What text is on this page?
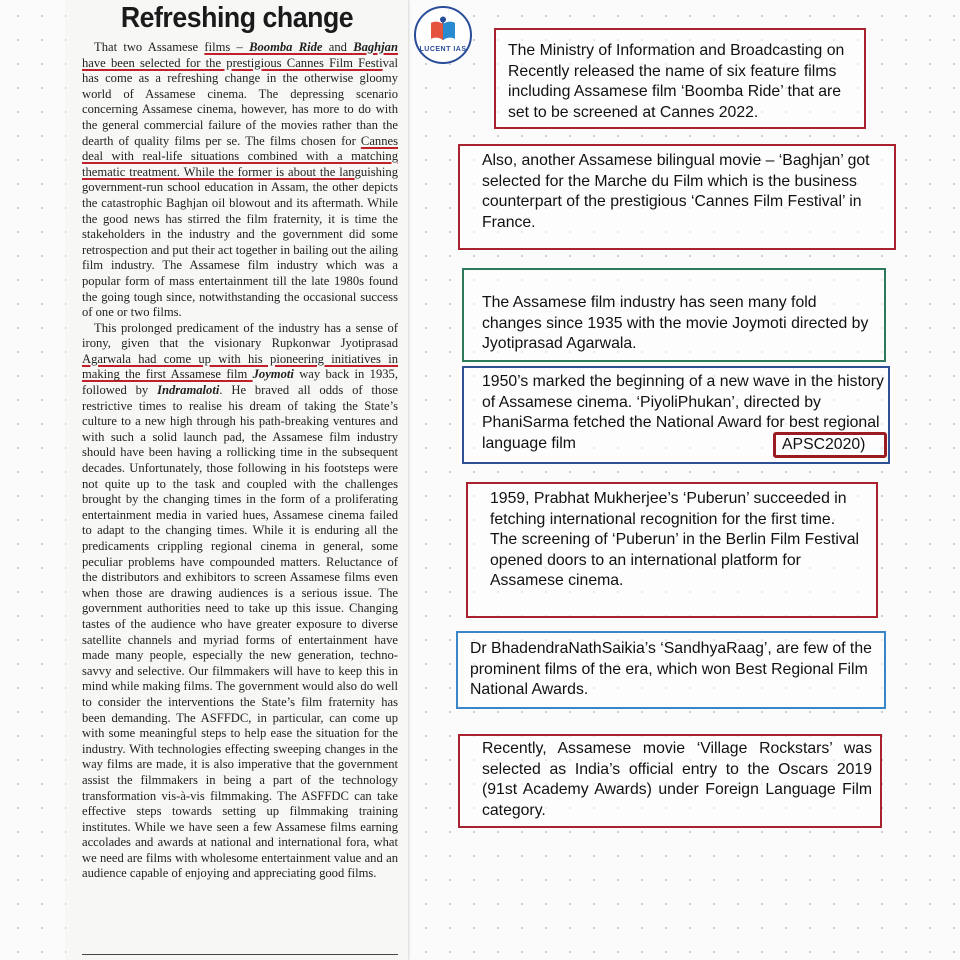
Refreshing change

That two Assamese films – Boomba Ride and Baghjan have been selected for the prestigious Cannes Film Festival has come as a refreshing change in the otherwise gloomy world of Assamese cinema. The depressing scenario concerning Assamese cinema, however, has more to do with the general commercial failure of the movies rather than the dearth of quality films per se. The films chosen for Cannes deal with real-life situations combined with a matching thematic treatment. While the former is about the languishing government-run school education in Assam, the other depicts the catastrophic Baghjan oil blowout and its aftermath. While the good news has stirred the film fraternity, it is time the stakeholders in the industry and the government did some retrospection and put their act together in bailing out the ailing film industry. The Assamese film industry which was a popular form of mass entertainment till the late 1980s found the going tough since, notwithstanding the occasional success of one or two films.

This prolonged predicament of the industry has a sense of irony, given that the visionary Rupkonwar Jyotiprasad Agarwala had come up with his pioneering initiatives in making the first Assamese film Joymoti way back in 1935, followed by Indramaloti. He braved all odds of those restrictive times to realise his dream of taking the State’s culture to a new high through his path-breaking ventures and with such a solid launch pad, the Assamese film industry should have been having a rollicking time in the subsequent decades. Unfortunately, those following in his footsteps were not quite up to the task and coupled with the challenges brought by the changing times in the form of a proliferating entertainment media in varied hues, Assamese cinema failed to adapt to the changing times. While it is enduring all the predicaments crippling regional cinema in general, some peculiar problems have compounded matters. Reluctance of the distributors and exhibitors to screen Assamese films even when those are drawing audiences is a serious issue. The government authorities need to take up this issue. Changing tastes of the audience who have greater exposure to diverse satellite channels and myriad forms of entertainment have made many people, especially the new generation, techno-savvy and selective. Our filmmakers will have to keep this in mind while making films. The government would also do well to consider the interventions the State’s film fraternity has been demanding. The ASFFDC, in particular, can come up with some meaningful steps to help ease the situation for the industry. With technologies effecting sweeping changes in the way films are made, it is also imperative that the government assist the filmmakers in being a part of the technology transformation vis-à-vis filmmaking. The ASFFDC can take effective steps towards setting up filmmaking training institutes. While we have seen a few Assamese films earning accolades and awards at national and international fora, what we need are films with wholesome entertainment value and an audience capable of enjoying and appreciating good films.

LUCENT IAS	The Ministry of Information and Broadcasting on Recently released the name of six feature films including Assamese film ‘Boomba Ride’ that are set to be screened at Cannes 2022.
Also, another Assamese bilingual movie – ‘Baghjan’ got selected for the Marche du Film which is the business counterpart of the prestigious ‘Cannes Film Festival’ in France.
The Assamese film industry has seen many fold changes since 1935 with the movie Joymoti directed by Jyotiprasad Agarwala.
1950’s marked the beginning of a new wave in the history of Assamese cinema. ‘PiyoliPhukan’, directed by PhaniSarma fetched the National Award for best regional language film	APSC2020)
1959, Prabhat Mukherjee’s ‘Puberun’ succeeded in fetching international recognition for the first time. The screening of ‘Puberun’ in the Berlin Film Festival opened doors to an international platform for Assamese cinema.
Dr BhadendraNathSaikia’s ‘SandhyaRaag’, are few of the prominent films of the era, which won Best Regional Film National Awards.
Recently, Assamese movie ‘Village Rockstars’ was selected as India’s official entry to the Oscars 2019 (91st Academy Awards) under Foreign Language Film category.
